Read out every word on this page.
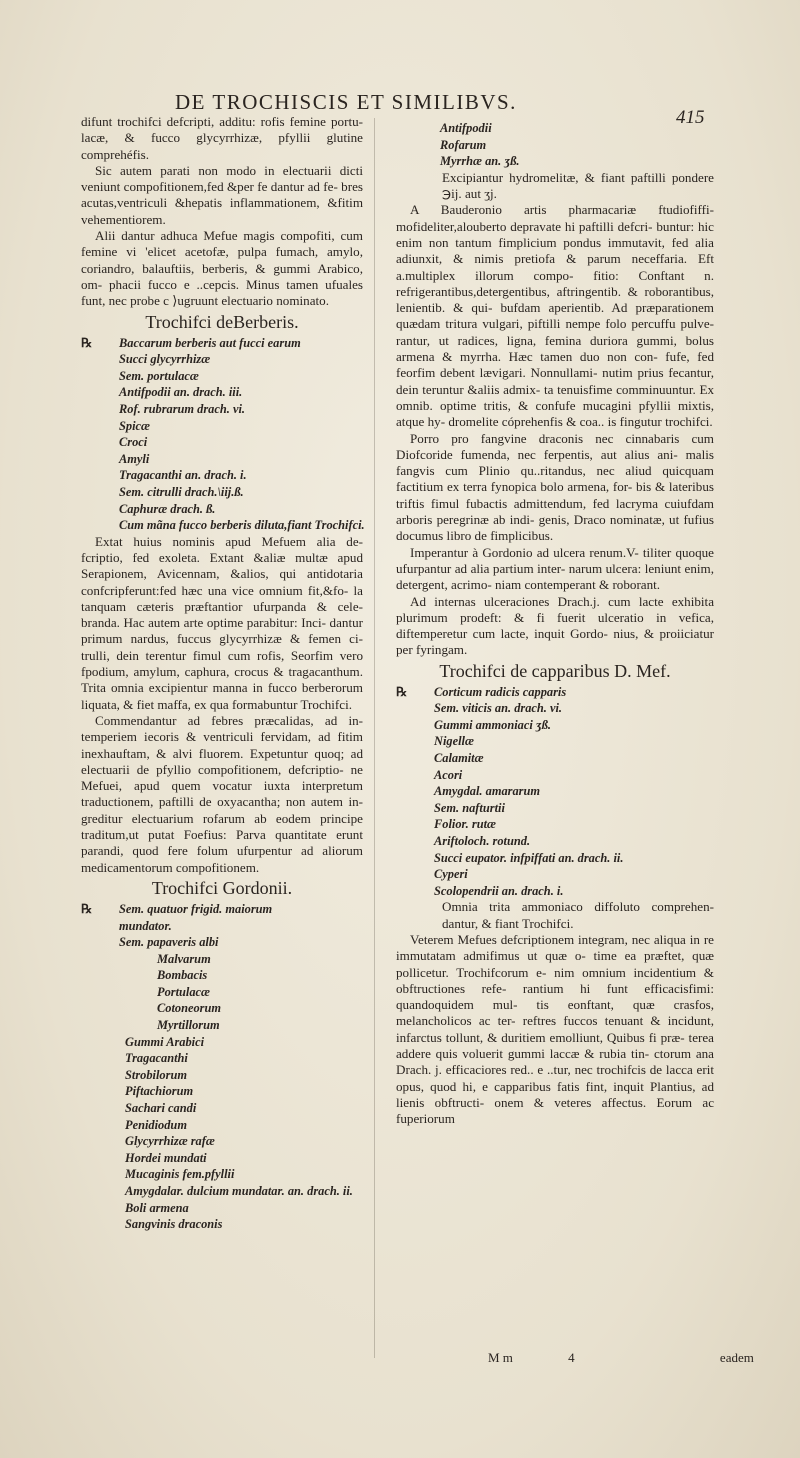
DE TROCHISCIS ET SIMILIBVS.
415

difunt trochifci defcripti, additu: rofis femine portu- lacæ, & fucco glycyrrhizæ, pfyllii glutine comprehéfis.

Sic autem parati non modo in electuarii dicti veniunt compofitionem,fed &per fe dantur ad fe- bres acutas,ventriculi &hepatis inflammationem, &fitim vehementiorem.

Alii dantur adhuca Mefue magis compofiti, cum femine vi 'elicet acetofæ, pulpa fumach, amylo, coriandro, balauftiis, berberis, & gummi Arabico, om- phacii fucco e ..cepcis. Minus tamen ufuales funt, nec probe c ⟩ugruunt electuario nominato.

Trochifci deBerberis.
℞ Baccarum berberis aut fucci earum
Succi glycyrrhizæ
Sem. portulacæ
Antifpodii an. drach. iii.
Rof. rubrarum drach. vi.
Spicæ
Croci
Amyli
Tragacanthi an. drach. i.
Sem. citrulli drach.\iij.ß.
Caphuræ drach. ß.
Cum mãna fucco berberis diluta,fiant Trochifci.

Extat huius nominis apud Mefuem alia de- fcriptio, fed exoleta. Extant &aliæ multæ apud Serapionem, Avicennam, &alios, qui antidotaria confcripferunt:fed hæc una vice omnium fit,&fo- la tanquam cæteris præftantior ufurpanda & cele- branda. Hac autem arte optime parabitur: Inci- dantur primum nardus, fuccus glycyrrhizæ & femen ci- trulli, dein terentur fimul cum rofis, Seorfim vero fpodium, amylum, caphura, crocus & tragacanthum. Trita omnia excipientur manna in fucco berberorum liquata, & fiet maffa, ex qua formabuntur Trochifci.

Commendantur ad febres præcalidas, ad in- temperiem iecoris & ventriculi fervidam, ad fitim inexhauftam, & alvi fluorem. Expetuntur quoq; ad electuarii de pfyllio compofitionem, defcriptio- ne Mefuei, apud quem vocatur iuxta interpretum traductionem, paftilli de oxyacantha; non autem in- greditur electuarium rofarum ab eodem principe traditum,ut putat Foefius: Parva quantitate erunt parandi, quod fere folum ufurpentur ad aliorum medicamentorum compofitionem.

Trochifci Gordonii.
℞ Sem. quatuor frigid. maiorum
mundator.
Sem. papaveris albi
Malvarum
Bombacis
Portulacæ
Cotoneorum
Myrtillorum
Gummi Arabici
Tragacanthi
Strobilorum
Piftachiorum
Sachari candi
Penidiodum
Glycyrrhizæ rafæ
Hordei mundati
Mucaginis fem.pfyllii
Amygdalar. dulcium mundatar. an. drach. ii.
Boli armena
Sangvinis draconis
Antifpodii
Rofarum
Myrrhæ an. ʒß.

Excipiantur hydromelitæ, & fiant paftilli pondere ℈ij. aut ʒj.

A Bauderonio artis pharmacariæ ftudiofiffi- mofideliter,alouberto depravate hi paftilli defcri- buntur: hic enim non tantum fimplicium pondus immutavit, fed alia adiunxit, & nimis pretiofa & parum neceffaria. Eft a.multiplex illorum compo- fitio: Conftant n. refrigerantibus,detergentibus, aftringentib. & roborantibus, lenientib. & qui- bufdam aperientib. Ad præparationem quædam tritura vulgari, piftilli nempe folo percuffu pulve- rantur, ut radices, ligna, femina duriora gummi, bolus armena & myrrha. Hæc tamen duo non con- fufe, fed feorfim debent lævigari. Nonnullami- nutim prius fecantur, dein teruntur &aliis admix- ta tenuisfime comminuuntur. Ex omnib. optime tritis, & confufe mucagini pfyllii mixtis, atque hy- dromelite cóprehenfis & coa.. is fingutur trochifci.

Porro pro fangvine draconis nec cinnabaris cum Diofcoride fumenda, nec ferpentis, aut alius ani- malis fangvis cum Plinio qu..ritandus, nec aliud quicquam factitium ex terra fynopica bolo armena, for- bis & lateribus triftis fimul fubactis admittendum, fed lacryma cuiufdam arboris peregrinæ ab indi- genis, Draco nominatæ, ut fufius documus libro de fimplicibus.

Imperantur à Gordonio ad ulcera renum.V- tiliter quoque ufurpantur ad alia partium inter- narum ulcera: leniunt enim, detergent, acrimo- niam contemperant & roborant.

Ad internas ulceraciones Drach.j. cum lacte exhibita plurimum prodeft: & fi fuerit ulceratio in vefica, diftemperetur cum lacte, inquit Gordo- nius, & proiiciatur per fyringam.

Trochifci de capparibus D. Mef.
℞ Corticum radicis capparis
Sem. viticis an. drach. vi.
Gummi ammoniaci ʒß.
Nigellæ
Calamitæ
Acori
Amygdal. amararum
Sem. nafturtii
Folior. rutæ
Ariftoloch. rotund.
Succi eupator. infpiffati an. drach. ii.
Cyperi
Scolopendrii an. drach. i.

Omnia trita ammoniaco diffoluto comprehen- dantur, & fiant Trochifci.

Veterem Mefues defcriptionem integram, nec aliqua in re immutatam admifimus ut quæ o- time ea præftet, quæ pollicetur. Trochifcorum e- nim omnium incidentium & obftructiones refe- rantium hi funt efficacisfimi: quandoquidem mul- tis eonftant, quæ crasfos, melancholicos ac ter- reftres fuccos tenuant & incidunt, infarctus tollunt, & duritiem emolliunt, Quibus fi præ- terea addere quis voluerit gummi laccæ & rubia tin- ctorum ana Drach. j. efficaciores red.. e ..tur, nec trochifcis de lacca erit opus, quod hi, e capparibus fatis fint, inquit Plantius, ad lienis obftructi- onem & veteres affectus. Eorum ac fuperiorum

M m	4	eadem
